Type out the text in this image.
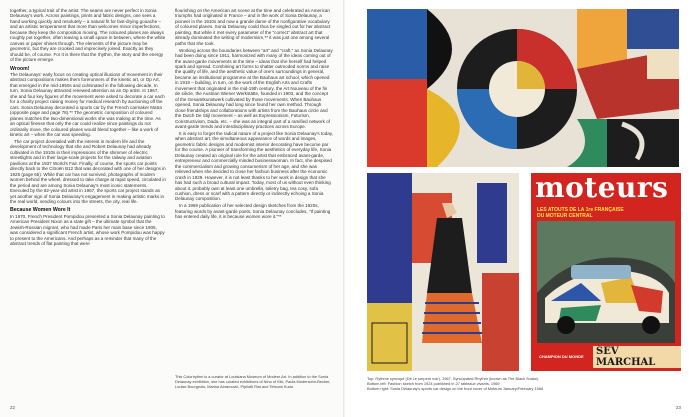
together, a typical trait of the artist. The seams are never perfect in Sonia Delaunay's work. Across paintings, prints and fabric designs, one sees a hand working quickly and resolutely – a natural fit for fast-drying gouache – and an artistic temperament that more than welcomes minor imperfections, because they keep the composition moving. The coloured planes are always roughly put together, often leaving a small space in between, where the white canvas or paper shines through. The elements of the picture may be geometric, but they are crooked and imprecisely joined. Exactly as they should be, of course. For it is there that the rhythm, the story and the energy of the picture emerge.

Wroom!

The Delaunays' early focus on creating optical illusions of movement in their abstract compositions makes them forerunners of the kinetic art, or Op Art, that emerged in the mid-1950s and culminated in the following decade. In turn, Sonia Delaunay attracted renewed attention as an Op artist. In 1967, she and four key figures of the movement were asked to decorate a car each for a charity project raising money for medical research by auctioning off the cars. Sonia Delaunay decorated a sports car by the French carmaker Matra (opposite page and page 78).** The geometric composition of coloured planes matches the two-dimensional works she was making at the time. As an optical finesse that only the car could realize since paintings do not ordinarily move, the coloured planes would blend together – like a work of kinetic art – when the car was speeding.

The car project dovetailed with the interest in modern life and the development of technology that she and Robert Delaunay had already cultivated in the 1910s in their impressions of the shimmer of electric streetlights and in their large-scale projects for the railway and aviation pavilions at the 1937 World's Fair. Finally, of course, the sports car points directly back to the Citroën B12 that was decorated with one of her designs in 1925 (page 65). While that car has not survived, photographs of modern women behind the wheel, dressed to take charge at rapid speed, circulated in the period and are among Sonia Delaunay's most iconic statements. Executed by the 82-year-old artist in 1967, the sports car project stands as yet another sign of Sonia Delaunay's engagement in making artistic marks in the real world, sending colours into the streets, the city, real life.

Because Women Wore It

In 1970, French President Pompidou presented a Sonia Delaunay painting to American President Nixon as a state gift – the ultimate symbol that the Jewish-Russian migrant, who had made Paris her main base since 1905, was considered a significant French artist, whose work Pompidou was happy to present to the Americans. And perhaps as a reminder that many of the abstract trends of flat painting that were

flourishing on the American art scene at the time and celebrated as American triumphs had originated in France – and in the work of Sonia Delaunay, a pioneer in the 1910s and now a grande dame of the nonfigurative vocabulary of coloured planes. Sonia Delaunay could thus be singled out for her abstract painting. But while it met every parameter of the "correct" abstract art that already dominated the writing of modernism,** it was just one among several paths that she took.

Working across the boundaries between "art" and "craft," as Sonia Delaunay had been doing since 1911, harmonized with many of the ideas coming out of the avant-garde movements at the time – ideas that she herself had helped spark and spread. Combining art forms to shatter outmoded norms and raise the quality of life, and the aesthetic value of one's surroundings in general, became an institutional programme at the Bauhaus art school, which opened in 1919 – building, in turn, on the work of the English Arts and Crafts movement that originated in the mid-19th century, the Art Nouveau of the fin de siècle, the Austrian Wiener Werkstätte, founded in 1903, and the concept of the Gesamtkunstwerk cultivated by those movements. When Bauhaus opened, Sonia Delaunay had long since found her own method. Through close friendships and collaborations with artists from the Bauhaus circle and the Dutch De Stijl movement – as well as Expressionism, Futurism, Constructivism, Dada, etc. – she was an integral part of a ramified network of avant-garde trends and interdisciplinary practices across Europe.

It is easy to forget the radical nature of a project like Sonia Delaunay's today, when abstract art, the simultaneous appearance of words and images, geometric fabric designs and modernist interior decorating have become par for the course. A pioneer of transforming the aesthetics of everyday life, Sonia Delaunay created an original role for the artist that embraced avant-garde, entrepreneur and commercially minded businesswoman. In fact, she despised the commercialism and growing consumerism of her age, and she was relieved when she decided to close her fashion business after the economic crash in 1929. However, it is not least thanks to her work in design that she has had such a broad cultural impact. Today, most of us without even thinking about it, probably own at least one umbrella, toiletry bag, tea cosy, sofa cushion, dress or scarf with a pattern directly or indirectly echoing a Sonia Delaunay composition.

In a 1969 publication of her selected design sketches from the 1920s, featuring words by avant-garde poets, Sonia Delaunay concludes, "If painting has entered daily life, it is because women wore it."**

This Colorhythm is a curator at Louisiana Museum of Modern Art. In addition to the Sonia Delaunay exhibition, she has curated exhibitions of Nina of Kiki, Paula Modersohn-Becker, Louise Bourgeois, Marina Abramović, Pipilotti Rist and Tetsumi Kudo.
22
moteurs
LES ATOUTS DE LA 1re FRANÇAISE
DU MOTEUR CENTRAL
CHAMPION DU MONDE	SEV MARCHAL
Top: Rythme syncopé (Dit Le serpent noir), 1967. Syncopated Rhythm (known as The Black Snake)
Bottom left: Fashion sketch from 1924 published in 27 tableaux vivants, 1969
Bottom right: Sonia Delaunay's sports car design on the front cover of Moteurs January/February 1968
23
